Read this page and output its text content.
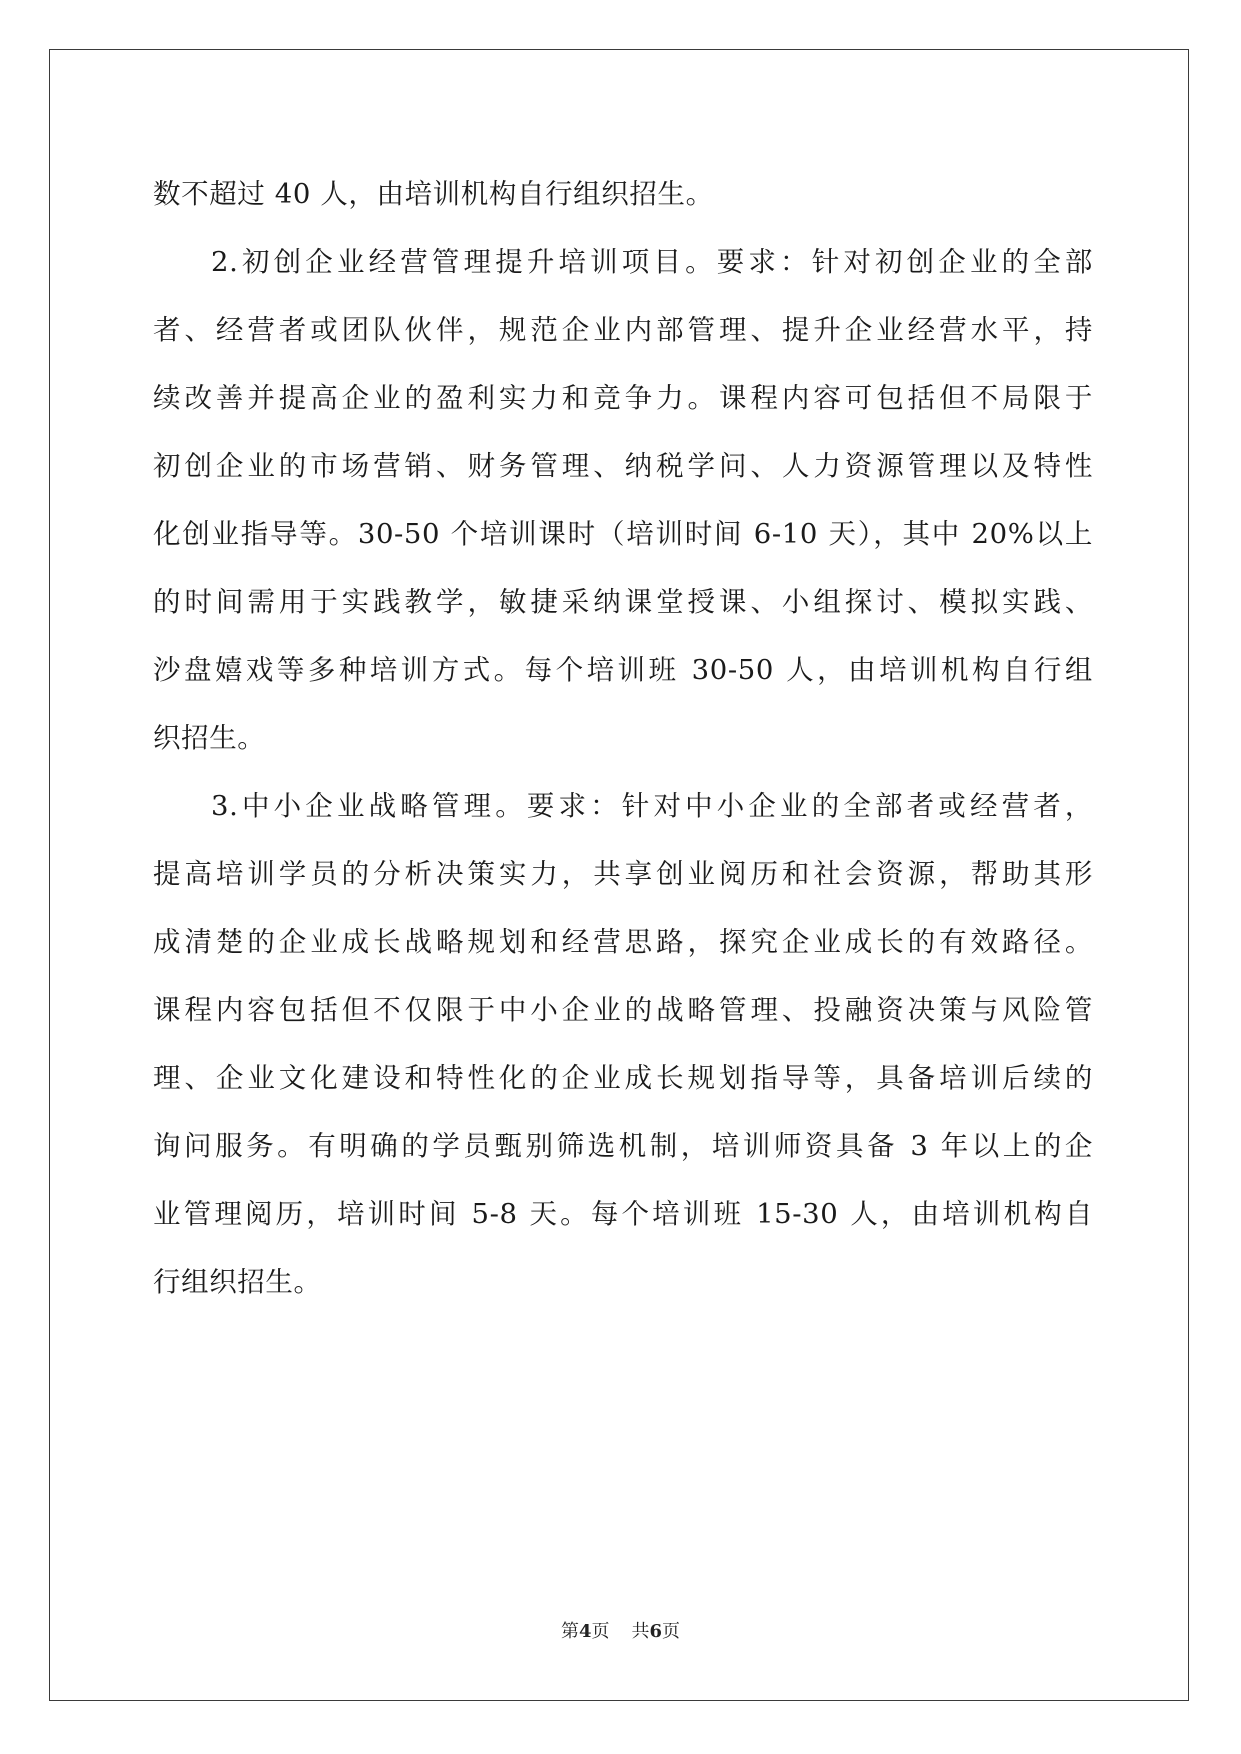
数不超过 40 人，由培训机构自行组织招生。
2.初创企业经营管理提升培训项目。要求：针对初创企业的全部
者、经营者或团队伙伴，规范企业内部管理、提升企业经营水平，持
续改善并提高企业的盈利实力和竞争力。课程内容可包括但不局限于
初创企业的市场营销、财务管理、纳税学问、人力资源管理以及特性
化创业指导等。30-50 个培训课时（培训时间 6-10 天），其中 20%以上
的时间需用于实践教学，敏捷采纳课堂授课、小组探讨、模拟实践、
沙盘嬉戏等多种培训方式。每个培训班 30-50 人，由培训机构自行组
织招生。
3.中小企业战略管理。要求：针对中小企业的全部者或经营者，
提高培训学员的分析决策实力，共享创业阅历和社会资源，帮助其形
成清楚的企业成长战略规划和经营思路，探究企业成长的有效路径。
课程内容包括但不仅限于中小企业的战略管理、投融资决策与风险管
理、企业文化建设和特性化的企业成长规划指导等，具备培训后续的
询问服务。有明确的学员甄别筛选机制，培训师资具备 3 年以上的企
业管理阅历，培训时间 5-8 天。每个培训班 15-30 人，由培训机构自
行组织招生。
第4页 共6页
